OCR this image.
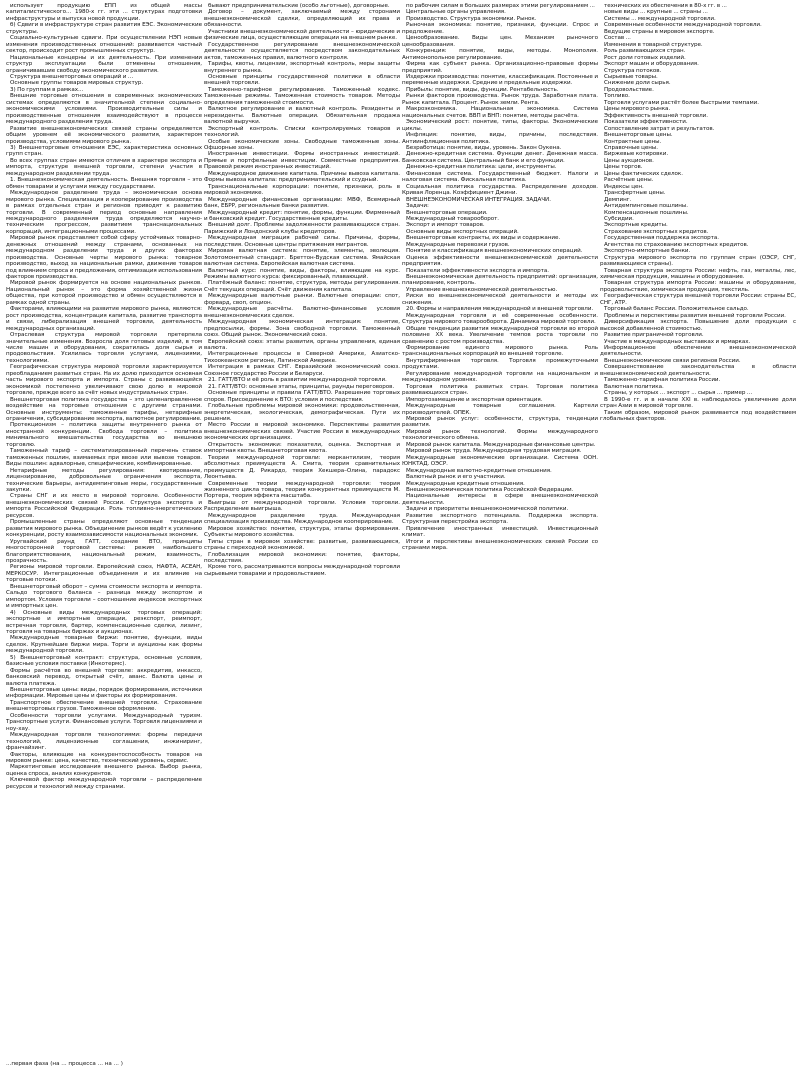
использует продукцию ЕПП из общей массы капиталистического... 1980-х гг. эти ... структурах подготовки инфраструктуры и выпуска новой продукции.

б) Сдвиги в инфраструктуре стран развития ЕЭС. Экономические структуры.

Социально-культурные сдвиги. При осуществлении НЭП новые изменения производственных отношений: развивается частный сектор, происходит рост промышленных структур.

Национальные концерны и их деятельность. При изменении структур эксплуатации были отменены отношения, ограничивавшие свободу экономического развития.

Структура внешнеторговых операций и ...

Основные группы товаров мировых структур.

3) По группам в рамках...

Внешние торговые отношения в современных экономических системах определяются в значительной степени социально-экономическими условиями. Производительные силы и производственные отношения взаимодействуют в процессе международного разделения труда.

Развитие внешнеэкономических связей страны определяется общим уровнем её экономического развития, характером производства, условиями мирового рынка.

3) Внешнеторговые отношения ЕЭС, характеристика основных групп стран.

Во всех группах стран имеются отличия в характере экспорта и импорта, структуре внешней торговли, степени участия в международном разделении труда.

1. Внешнеэкономическая деятельность. Внешняя торговля – это обмен товарами и услугами между государствами.

Международное разделение труда – экономическая основа мирового рынка. Специализация и кооперирование производства в рамках отдельных стран и регионов приводят к развитию торговли. В современный период основные направления международного разделения труда определяются научно-техническим прогрессом, развитием транснациональных корпораций, интеграционными процессами.

Мировой рынок представляет собой сферу устойчивых товарно-денежных отношений между странами, основанных на международном разделении труда и других факторах производства. Основные черты мирового рынка: товарное производство, выход за национальные рамки, движение товаров под влиянием спроса и предложения, оптимизация использования факторов производства.

Мировой рынок формируется на основе национальных рынков. Национальный рынок – это форма хозяйственной жизни общества, при которой производство и обмен осуществляются в рамках одной страны.

Факторами, влияющими на развитие мирового рынка, являются: рост производства, концентрация капитала, развитие транспорта и связи, либерализация внешней торговли, деятельность международных организаций.

Отраслевая структура мировой торговли претерпела значительные изменения. Возросла доля готовых изделий, в том числе машин и оборудования, сократилась доля сырья и продовольствия. Усилилась торговля услугами, лицензиями, технологиями.

Географическая структура мировой торговли характеризуется преобладанием развитых стран. На их долю приходится основная часть мирового экспорта и импорта. Страны с развивающейся экономикой постепенно увеличивают свою долю в мировой торговле, прежде всего за счёт новых индустриальных стран.

Внешнеторговая политика государства – это целенаправленное воздействие на торговые отношения с другими странами. Основные инструменты: таможенные тарифы, нетарифные ограничения, субсидирование экспорта, валютное регулирование.

Протекционизм – политика защиты внутреннего рынка от иностранной конкуренции. Свобода торговли – политика минимального вмешательства государства во внешнюю торговлю.

Таможенный тариф – систематизированный перечень ставок таможенных пошлин, взимаемых при ввозе или вывозе товаров. Виды пошлин: адвалорные, специфические, комбинированные.

Нетарифные методы регулирования: квотирование, лицензирование, добровольные ограничения экспорта, технические барьеры, антидемпинговые меры, государственные закупки.

Страны СНГ и их место в мировой торговле. Особенности внешнеэкономических связей России. Структура экспорта и импорта Российской Федерации. Роль топливно-энергетических ресурсов.

Промышленные страны определяют основные тенденции развития мирового рынка. Объединение рынков ведёт к усилению конкуренции, росту взаимозависимости национальных экономик.

Уругвайский раунд ГАТТ, создание ВТО, принципы многосторонней торговой системы: режим наибольшего благоприятствования, национальный режим, взаимность, прозрачность.

Регионы мировой торговли. Европейский союз, НАФТА, АСЕАН, МЕРКОСУР. Интеграционные объединения и их влияние на торговые потоки.

Внешнеторговый оборот – сумма стоимости экспорта и импорта. Сальдо торгового баланса – разница между экспортом и импортом. Условия торговли – соотношение индексов экспортных и импортных цен.

4) Основные виды международных торговых операций: экспортные и импортные операции, реэкспорт, реимпорт, встречная торговля, бартер, компенсационные сделки, лизинг, торговля на товарных биржах и аукционах.

Международные товарные биржи: понятие, функции, виды сделок. Крупнейшие биржи мира. Торги и аукционы как формы международной торговли.

5) Внешнеторговый контракт: структура, основные условия, базисные условия поставки (Инкотермс).

Формы расчётов во внешней торговле: аккредитив, инкассо, банковский перевод, открытый счёт, аванс. Валюта цены и валюта платежа.

Внешнеторговые цены: виды, порядок формирования, источники информации. Мировые цены и факторы их формирования.

Транспортное обеспечение внешней торговли. Страхование внешнеторговых грузов. Таможенное оформление.

Особенности торговли услугами. Международный туризм. Транспортные услуги. Финансовые услуги. Торговля лицензиями и ноу-хау.

Международная торговля технологиями: формы передачи технологий, лицензионные соглашения, инжиниринг, франчайзинг.

Факторы, влияющие на конкурентоспособность товаров на мировом рынке: цена, качество, технический уровень, сервис.

Маркетинговые исследования внешнего рынка. Выбор рынка, оценка спроса, анализ конкурентов.

Ключевой фактор международной торговли – распределение ресурсов и технологий между странами.

бывают предпринимательские (особо льготные), договорные.

Договор – документ, заключаемый между сторонами внешнеэкономической сделки, определяющий их права и обязанности.

Участники внешнеэкономической деятельности – юридические и физические лица, осуществляющие операции на внешнем рынке.

Государственное регулирование внешнеэкономической деятельности осуществляется посредством законодательных актов, таможенных правил, валютного контроля.

Тарифы, квоты, лицензии, экспортный контроль, меры защиты внутреннего рынка.

Основные принципы государственной политики в области внешней торговли.

Таможенно-тарифное регулирование. Таможенный кодекс. Таможенные режимы. Таможенная стоимость товаров. Методы определения таможенной стоимости.

Валютное регулирование и валютный контроль. Резиденты и нерезиденты. Валютные операции. Обязательная продажа валютной выручки.

Экспортный контроль. Списки контролируемых товаров и технологий.

Особые экономические зоны. Свободные таможенные зоны. Офшорные зоны.

Иностранные инвестиции. Формы иностранных инвестиций. Прямые и портфельные инвестиции. Совместные предприятия. Правовой режим иностранных инвестиций.

Международное движение капитала. Причины вывоза капитала. Формы вывоза капитала: предпринимательский и ссудный.

Транснациональные корпорации: понятие, признаки, роль в мировой экономике.

Международные финансовые организации: МВФ, Всемирный банк, ЕБРР, региональные банки развития.

Международный кредит: понятие, формы, функции. Фирменный и банковский кредит. Государственные кредиты.

Внешний долг. Проблемы задолженности развивающихся стран. Парижский и Лондонский клубы кредиторов.

Международная миграция рабочей силы. Причины, формы, последствия. Основные центры притяжения мигрантов.

Мировая валютная система: понятие, элементы, эволюция. Золотомонетный стандарт. Бреттон-Вудская система. Ямайская валютная система. Европейская валютная система.

Валютный курс: понятие, виды, факторы, влияющие на курс. Режимы валютного курса: фиксированный, плавающий.

Платёжный баланс: понятие, структура, методы регулирования. Счёт текущих операций. Счёт движения капитала.

Международные валютные рынки. Валютные операции: спот, форвард, своп, опцион.

Международные расчёты. Валютно-финансовые условия внешнеэкономических сделок.

Международная экономическая интеграция: понятие, предпосылки, формы. Зона свободной торговли. Таможенный союз. Общий рынок. Экономический союз.

Европейский союз: этапы развития, органы управления, единая валюта.

Интеграционные процессы в Северной Америке, Азиатско-Тихоокеанском регионе, Латинской Америке.

Интеграция в рамках СНГ. Евразийский экономический союз. Союзное государство России и Беларуси.

21. ГАТТ/ВТО и её роль в развитии международной торговли.

21. ГАТТ/ВТО: основные этапы, принципы, раунды переговоров.

Основные принципы и правила ГАТТ/ВТО. Разрешение торговых споров. Присоединение к ВТО: условия и последствия.

Глобальные проблемы мировой экономики: продовольственная, энергетическая, экологическая, демографическая. Пути их решения.

Место России в мировой экономике. Перспективы развития внешнеэкономических связей. Участие России в международных экономических организациях.

Открытость экономики: показатели, оценка. Экспортная и импортная квоты. Внешнеторговая квота.

Теории международной торговли: меркантилизм, теория абсолютных преимуществ А. Смита, теория сравнительных преимуществ Д. Рикардо, теория Хекшера–Олина, парадокс Леонтьева.

Современные теории международной торговли: теория жизненного цикла товара, теория конкурентных преимуществ М. Портера, теория эффекта масштаба.

Выигрыш от международной торговли. Условия торговли. Распределение выигрыша.

Международное разделение труда. Международная специализация производства. Международное кооперирование.

Мировое хозяйство: понятие, структура, этапы формирования. Субъекты мирового хозяйства.

Типы стран в мировом хозяйстве: развитые, развивающиеся, страны с переходной экономикой.

Глобализация мировой экономики: понятие, факторы, последствия.

Кроме того, рассматриваются вопросы международной торговли сырьевыми товарами и продовольствием.

по рабочим силам в больших размерах этими регулированием ...

Центральные органы управления.

Производство. Структура экономики. Рынок.

Рыночная экономика: понятие, признаки, функции. Спрос и предложение.

Ценообразование. Виды цен. Механизм рыночного ценообразования.

Конкуренция: понятие, виды, методы. Монополия. Антимонопольное регулирование.

Фирма как субъект рынка. Организационно-правовые формы предприятий.

Издержки производства: понятие, классификация. Постоянные и переменные издержки. Средние и предельные издержки.

Прибыль: понятие, виды, функции. Рентабельность.

Рынки факторов производства. Рынок труда. Заработная плата. Рынок капитала. Процент. Рынок земли. Рента.

Макроэкономика. Национальная экономика. Система национальных счетов. ВВП и ВНП: понятие, методы расчёта.

Экономический рост: понятие, типы, факторы. Экономические циклы.

Инфляция: понятие, виды, причины, последствия. Антиинфляционная политика.

Безработица: понятие, виды, уровень. Закон Оукена.

Денежно-кредитная система. Функции денег. Денежная масса. Банковская система. Центральный банк и его функции.

Денежно-кредитная политика: цели, инструменты.

Финансовая система. Государственный бюджет. Налоги и налоговая система. Фискальная политика.

Социальная политика государства. Распределение доходов. Кривая Лоренца. Коэффициент Джини.

ВНЕШНЕЭКОНОМИЧЕСКАЯ ИНТЕГРАЦИЯ. ЗАДАЧИ.

Задачи:

Внешнеторговые операции.

Международный товарооборот.

Экспорт и импорт товаров.

Основные виды экспортных операций.

Внешнеторговые контракты, их виды и содержание.

Международные перевозки грузов.

Понятие и классификация внешнеэкономических операций.

Оценка эффективности внешнеэкономической деятельности предприятия.

Показатели эффективности экспорта и импорта.

Внешнеэкономическая деятельность предприятий: организация, планирование, контроль.

Управление внешнеэкономической деятельностью.

Риски во внешнеэкономической деятельности и методы их снижения.

20. Формы и направления международной и внешней торговли.

Международная торговля и её современные особенности. Структура мирового товарооборота. Динамика мировой торговли.

Общие тенденции развития международной торговли во второй половине XX века. Увеличение темпов роста торговли по сравнению с ростом производства.

Формирование единого мирового рынка. Роль транснациональных корпораций во внешней торговле.

Внутрифирменная торговля. Торговля промежуточными продуктами.

Регулирование международной торговли на национальном и международном уровнях.

Торговая политика развитых стран. Торговая политика развивающихся стран.

Импортозамещение и экспортная ориентация.

Международные товарные соглашения. Картели производителей. ОПЕК.

Мировой рынок услуг: особенности, структура, тенденции развития.

Мировой рынок технологий. Формы международного технологического обмена.

Мировой рынок капитала. Международные финансовые центры.

Мировой рынок труда. Международная трудовая миграция.

Международные экономические организации. Система ООН. ЮНКТАД. ОЭСР.

Международные валютно-кредитные отношения.

Валютный рынок и его участники.

Международные кредитные отношения.

Внешнеэкономическая политика Российской Федерации.

Национальные интересы в сфере внешнеэкономической деятельности.

Задачи и приоритеты внешнеэкономической политики.

Развитие экспортного потенциала. Поддержка экспорта. Структурная перестройка экспорта.

Привлечение иностранных инвестиций. Инвестиционный климат.

Итоги и перспективы внешнеэкономических связей России со странами мира.

технических из обеспечения в 80-х гг. в ...

новые виды ... крупные ... страны ...

Системы ... международной торговли.

Современные особенности международной торговли.

Ведущие страны в мировом экспорте.

Состав ...

Изменения в товарной структуре.

Роль развивающихся стран.

Рост доли готовых изделий.

Экспорт машин и оборудования.

Структура потоков.

Сырьевые товары.

Снижение доли сырья.

Продовольствие.

Топливо.

Торговля услугами растёт более быстрыми темпами.

Цены мирового рынка.

Эффективность внешней торговли.

Показатели эффективности.

Сопоставление затрат и результатов.

Внешнеторговые цены.

Контрактные цены.

Справочные цены.

Биржевые котировки.

Цены аукционов.

Цены торгов.

Цены фактических сделок.

Расчётные цены.

Индексы цен.

Трансфертные цены.

Демпинг.

Антидемпинговые пошлины.

Компенсационные пошлины.

Субсидии.

Экспортные кредиты.

Страхование экспортных кредитов.

Государственная поддержка экспорта.

Агентства по страхованию экспортных кредитов.

Экспортно-импортные банки.

Структура мирового экспорта по группам стран (ОЭСР, СНГ, развивающиеся страны).

Товарная структура экспорта России: нефть, газ, металлы, лес, химическая продукция, машины и оборудование.

Товарная структура импорта России: машины и оборудование, продовольствие, химическая продукция, текстиль.

Географическая структура внешней торговли России: страны ЕС, СНГ, АТР.

Торговый баланс России. Положительное сальдо.

Проблемы и перспективы развития внешней торговли России.

Диверсификация экспорта. Повышение доли продукции с высокой добавленной стоимостью.

Развитие приграничной торговли.

Участие в международных выставках и ярмарках.

Информационное обеспечение внешнеэкономической деятельности.

Внешнеэкономические связи регионов России.

Совершенствование законодательства в области внешнеэкономической деятельности.

Таможенно-тарифная политика России.

Валютная политика.

Страны, у которых ... экспорт ... сырья ... пример ...

В 1990-е гг. и в начале XXI в. наблюдалось увеличение доли стран Азии в мировой торговле.

Таким образом, мировой рынок развивается под воздействием глобальных факторов.

...первая фаза (на ... процесса ... на ... )
